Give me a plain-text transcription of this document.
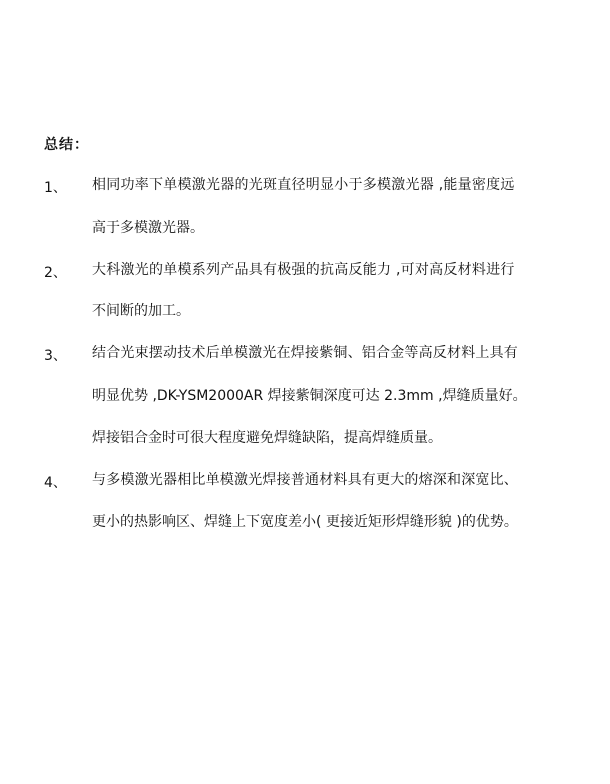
总结：
1、 相同功率下单模激光器的光斑直径明显小于多模激光器 ,能量密度远
高于多模激光器。
2、 大科激光的单模系列产品具有极强的抗高反能力 ,可对高反材料进行
不间断的加工。
3、 结合光束摆动技术后单模激光在焊接紫铜、铝合金等高反材料上具有
明显优势 ,DK-YSM2000AR 焊接紫铜深度可达 2.3mm ,焊缝质量好。
焊接铝合金时可很大程度避免焊缝缺陷，提高焊缝质量。
4、 与多模激光器相比单模激光焊接普通材料具有更大的熔深和深宽比、
更小的热影响区、焊缝上下宽度差小( 更接近矩形焊缝形貌 )的优势。
